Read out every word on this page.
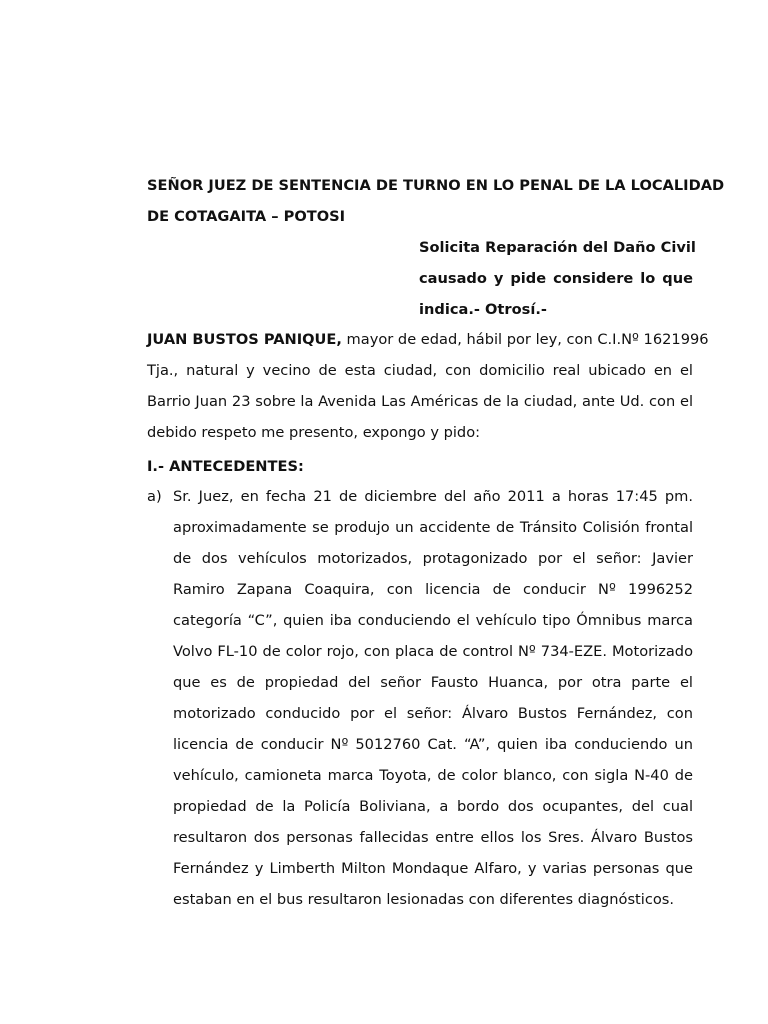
SEÑOR JUEZ DE SENTENCIA DE TURNO EN LO PENAL DE LA LOCALIDAD
DE COTAGAITA – POTOSI
Solicita Reparación del Daño Civil
causado y pide considere lo que
indica.- Otrosí.-
JUAN BUSTOS PANIQUE, mayor de edad, hábil por ley, con C.I.Nº 1621996
Tja., natural y vecino de esta ciudad, con domicilio real ubicado en el
Barrio Juan 23 sobre la Avenida Las Américas de la ciudad, ante Ud. con el
debido respeto me presento, expongo y pido:
I.- ANTECEDENTES:
a) Sr. Juez, en fecha 21 de diciembre del año 2011 a horas 17:45 pm.
aproximadamente se produjo un accidente de Tránsito Colisión frontal
de dos vehículos motorizados, protagonizado por el señor: Javier
Ramiro Zapana Coaquira, con licencia de conducir Nº 1996252
categoría “C”, quien iba conduciendo el vehículo tipo Ómnibus marca
Volvo FL-10 de color rojo, con placa de control Nº 734-EZE. Motorizado
que es de propiedad del señor Fausto Huanca, por otra parte el
motorizado conducido por el señor: Álvaro Bustos Fernández, con
licencia de conducir Nº 5012760 Cat. “A”, quien iba conduciendo un
vehículo, camioneta marca Toyota, de color blanco, con sigla N-40 de
propiedad de la Policía Boliviana, a bordo dos ocupantes, del cual
resultaron dos personas fallecidas entre ellos los Sres. Álvaro Bustos
Fernández y Limberth Milton Mondaque Alfaro, y varias personas que
estaban en el bus resultaron lesionadas con diferentes diagnósticos.
